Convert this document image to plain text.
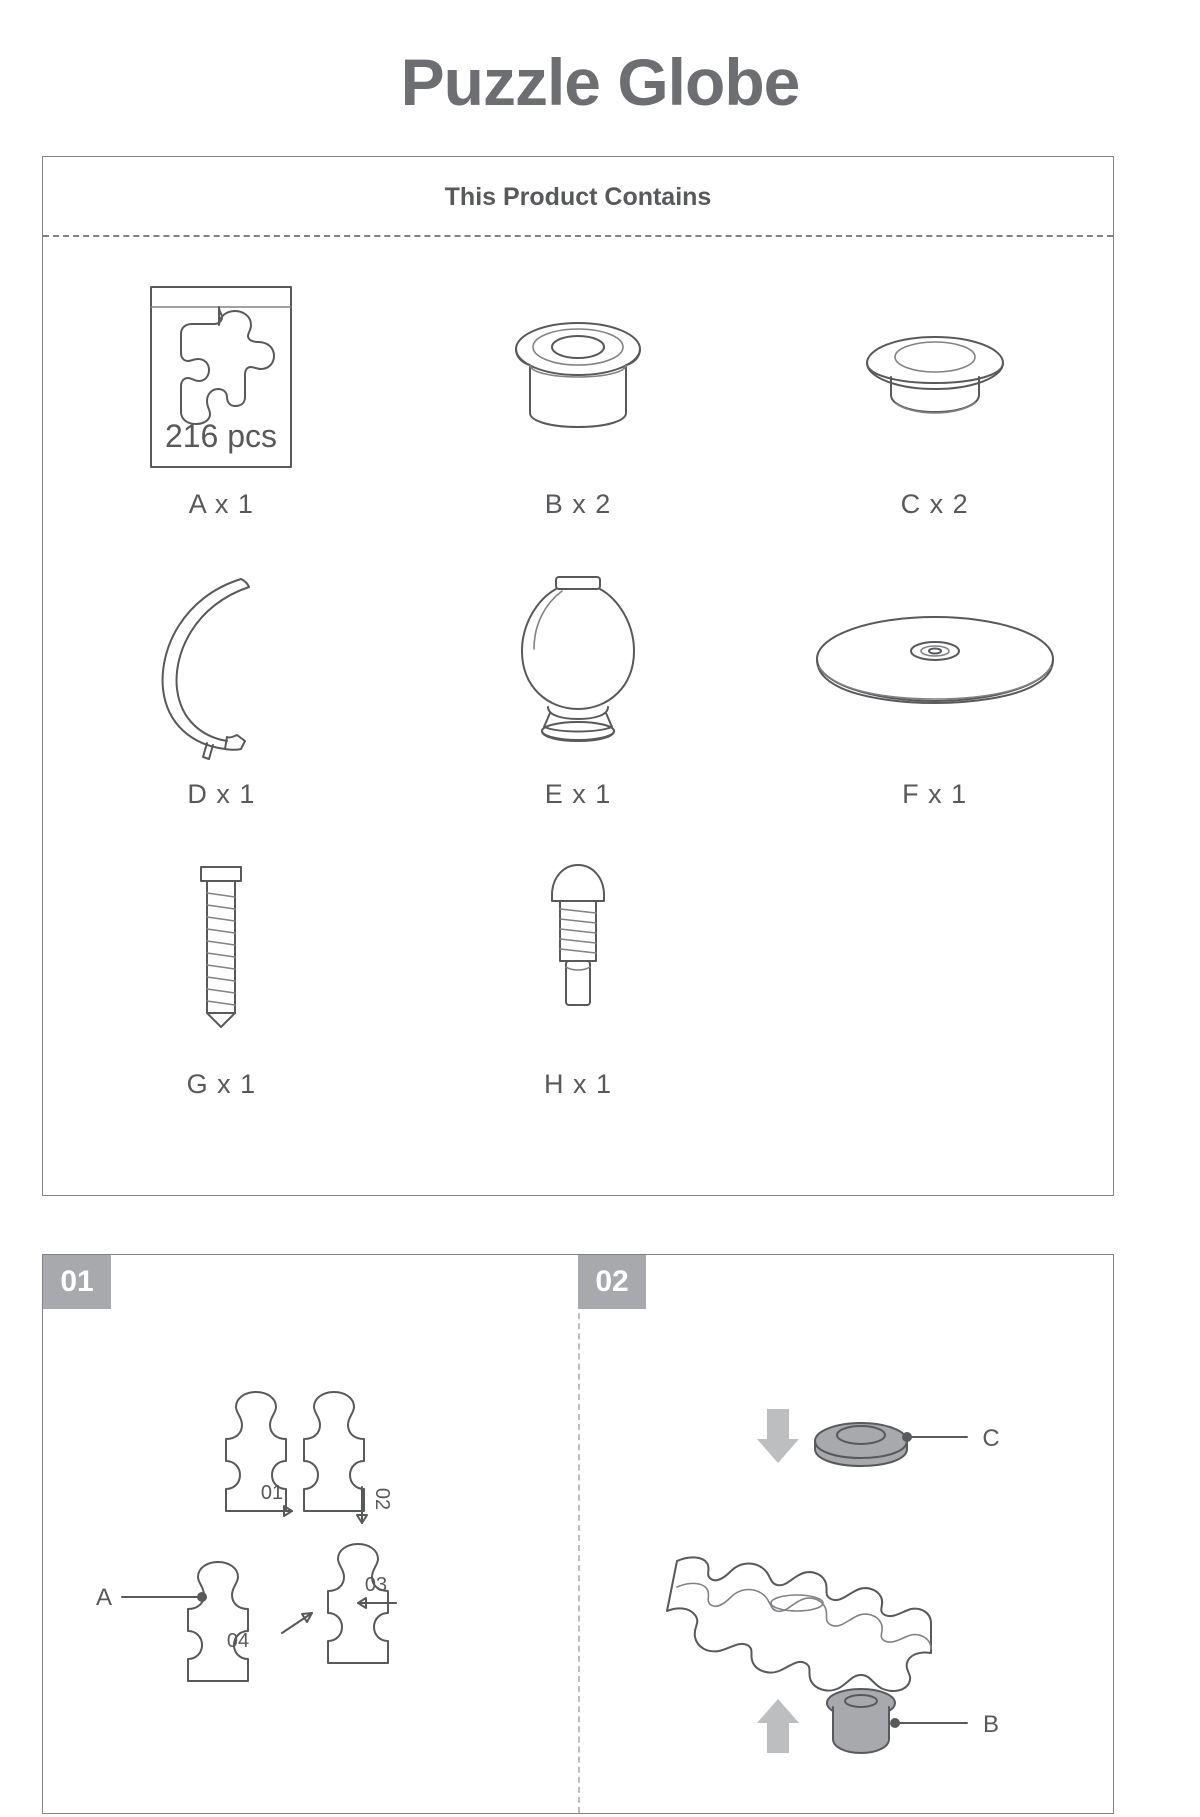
Puzzle Globe
This Product Contains
216 pcs
A x 1	B x 2	C x 2
D x 1	E x 1	F x 1
G x 1	H x 1
01
01	02
03
04
A
02
C
B
